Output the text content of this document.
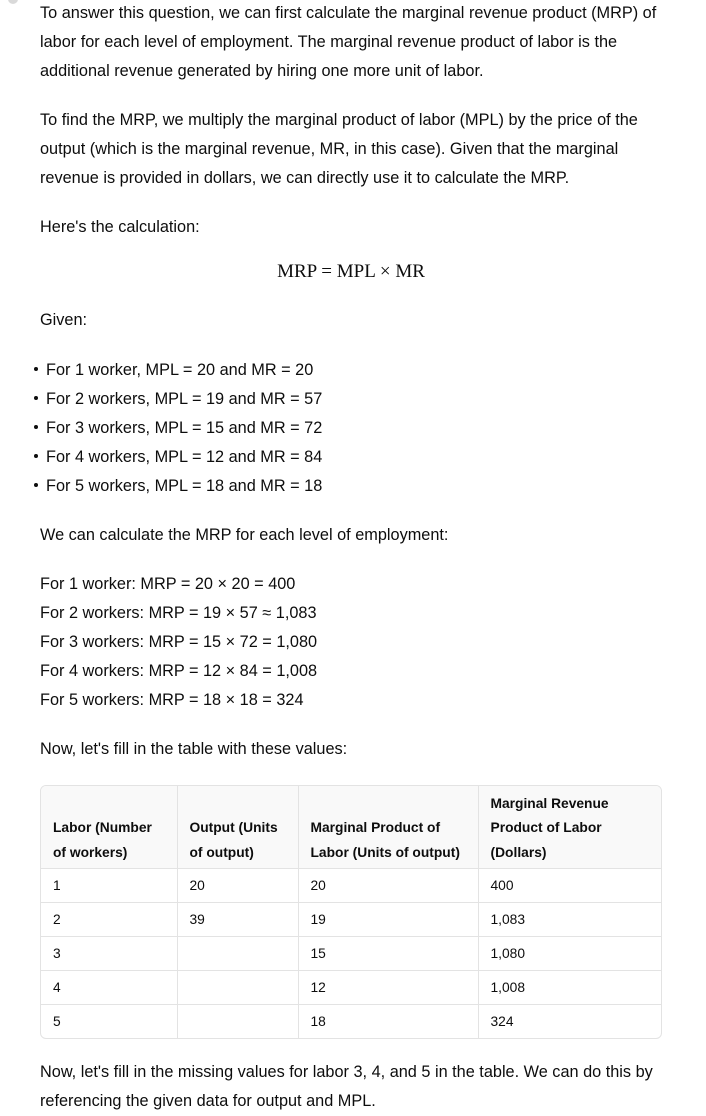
To answer this question, we can first calculate the marginal revenue product (MRP) of labor for each level of employment. The marginal revenue product of labor is the additional revenue generated by hiring one more unit of labor.

To find the MRP, we multiply the marginal product of labor (MPL) by the price of the output (which is the marginal revenue, MR, in this case). Given that the marginal revenue is provided in dollars, we can directly use it to calculate the MRP.

Here's the calculation:

MRP = MPL × MR

Given:

For 1 worker, MPL = 20 and MR = 20
For 2 workers, MPL = 19 and MR = 57
For 3 workers, MPL = 15 and MR = 72
For 4 workers, MPL = 12 and MR = 84
For 5 workers, MPL = 18 and MR = 18

We can calculate the MRP for each level of employment:

For 1 worker: MRP = 20 × 20 = 400
For 2 workers: MRP = 19 × 57 ≈ 1,083
For 3 workers: MRP = 15 × 72 = 1,080
For 4 workers: MRP = 12 × 84 = 1,008
For 5 workers: MRP = 18 × 18 = 324

Now, let's fill in the table with these values:

Labor (Number of workers)	Output (Units of output)	Marginal Product of Labor (Units of output)	Marginal Revenue Product of Labor (Dollars)
1	20	20	400
2	39	19	1,083
3		15	1,080
4		12	1,008
5		18	324

Now, let's fill in the missing values for labor 3, 4, and 5 in the table. We can do this by referencing the given data for output and MPL.
